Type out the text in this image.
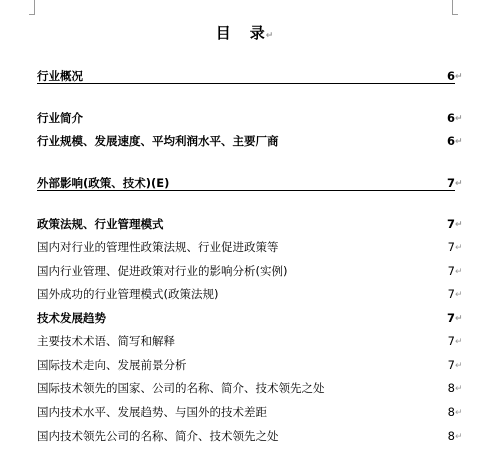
目 录↵
行业概况	6 ↵
行业简介	6 ↵
行业规模、发展速度、平均利润水平、主要厂商	6 ↵
外部影响(政策、技术)(E)	7 ↵
政策法规、行业管理模式	7 ↵
国内对行业的管理性政策法规、行业促进政策等	7 ↵
国内行业管理、促进政策对行业的影响分析(实例)	7 ↵
国外成功的行业管理模式(政策法规)	7 ↵
技术发展趋势	7 ↵
主要技术术语、简写和解释	7 ↵
国际技术走向、发展前景分析	7 ↵
国际技术领先的国家、公司的名称、简介、技术领先之处	8 ↵
国内技术水平、发展趋势、与国外的技术差距	8 ↵
国内技术领先公司的名称、简介、技术领先之处	8 ↵
